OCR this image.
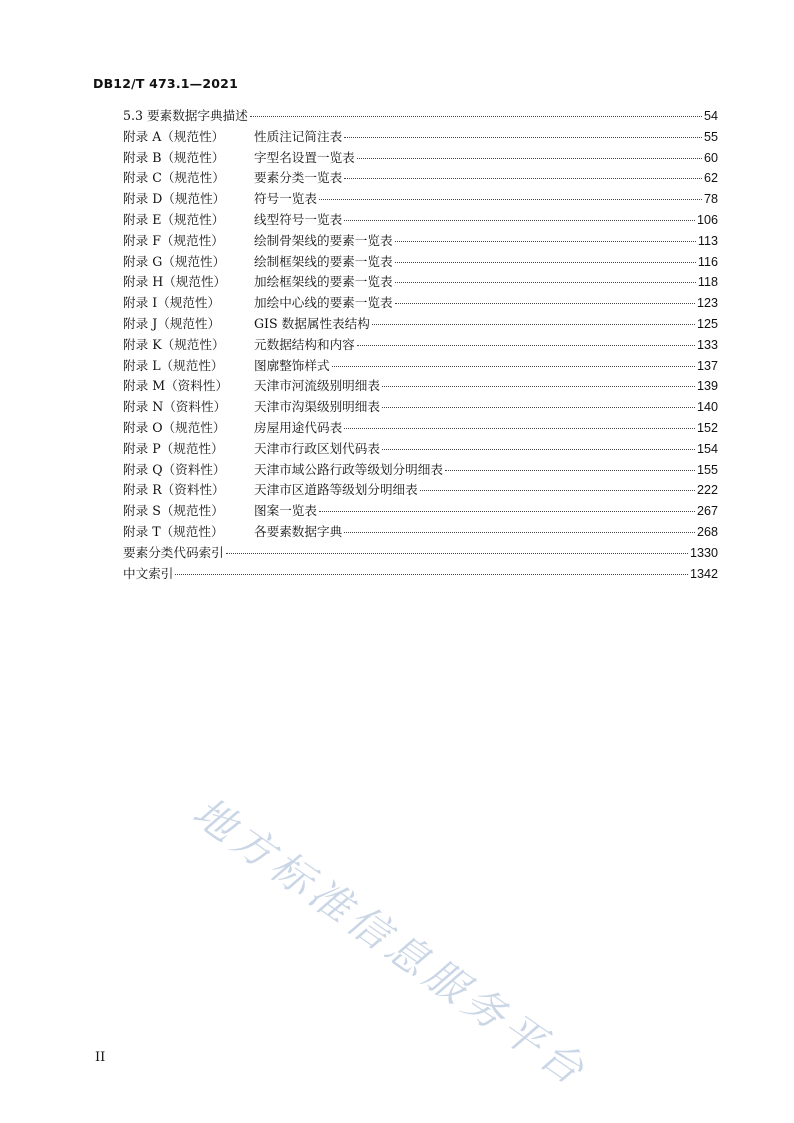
DB12/T 473.1—2021
5.3 要素数据字典描述	54
附录 A（规范性）	性质注记简注表	55
附录 B（规范性）	字型名设置一览表	60
附录 C（规范性）	要素分类一览表	62
附录 D（规范性）	符号一览表	78
附录 E（规范性）	线型符号一览表	106
附录 F（规范性）	绘制骨架线的要素一览表	113
附录 G（规范性）	绘制框架线的要素一览表	116
附录 H（规范性）	加绘框架线的要素一览表	118
附录 I（规范性）	加绘中心线的要素一览表	123
附录 J（规范性）	GIS 数据属性表结构	125
附录 K（规范性）	元数据结构和内容	133
附录 L（规范性）	图廓整饰样式	137
附录 M（资料性）	天津市河流级别明细表	139
附录 N（资料性）	天津市沟渠级别明细表	140
附录 O（规范性）	房屋用途代码表	152
附录 P（规范性）	天津市行政区划代码表	154
附录 Q（资料性）	天津市域公路行政等级划分明细表	155
附录 R（资料性）	天津市区道路等级划分明细表	222
附录 S（规范性）	图案一览表	267
附录 T（规范性）	各要素数据字典	268
要素分类代码索引	1330
中文索引	1342
II 地方标准信息服务平台
